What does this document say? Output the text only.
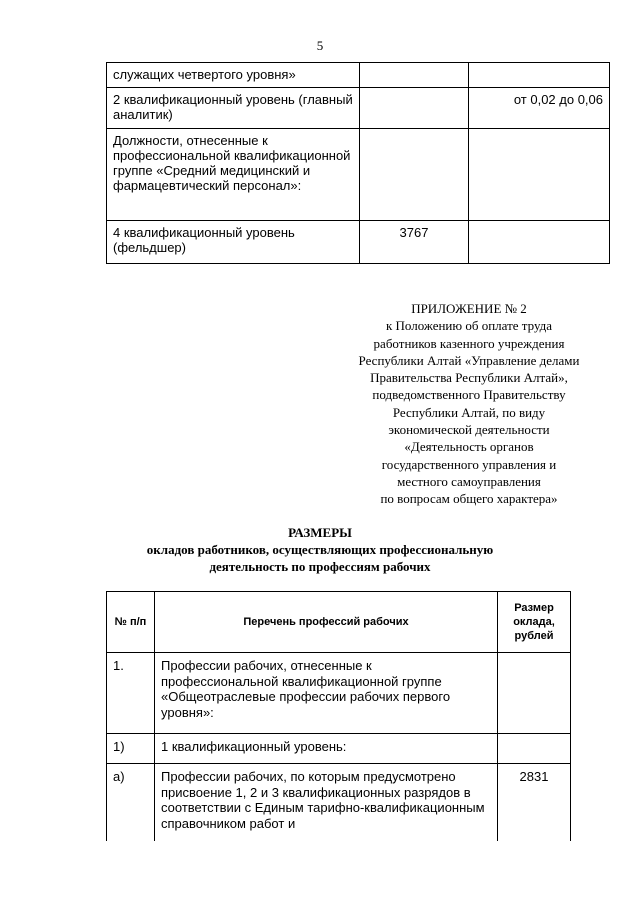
5
служащих четвертого уровня»		
2 квалификационный уровень (главный аналитик)		от 0,02 до 0,06
Должности, отнесенные к профессиональной квалификационной группе «Средний медицинский и фармацевтический персонал»:		
4 квалификационный уровень (фельдшер)	3767	
ПРИЛОЖЕНИЕ № 2
к Положению об оплате труда
работников казенного учреждения
Республики Алтай «Управление делами
Правительства Республики Алтай»,
подведомственного Правительству
Республики Алтай, по виду
экономической деятельности
«Деятельность органов
государственного управления и
местного самоуправления
по вопросам общего характера»
РАЗМЕРЫ
окладов работников, осуществляющих профессиональную
деятельность по профессиям рабочих
№ п/п	Перечень профессий рабочих	Размер оклада, рублей
1.	Профессии рабочих, отнесенные к профессиональной квалификационной группе «Общеотраслевые профессии рабочих первого уровня»:	
1)	1 квалификационный уровень:	
а)	Профессии рабочих, по которым предусмотрено присвоение 1, 2 и 3 квалификационных разрядов в соответствии с Единым тарифно-квалификационным справочником работ и	2831
